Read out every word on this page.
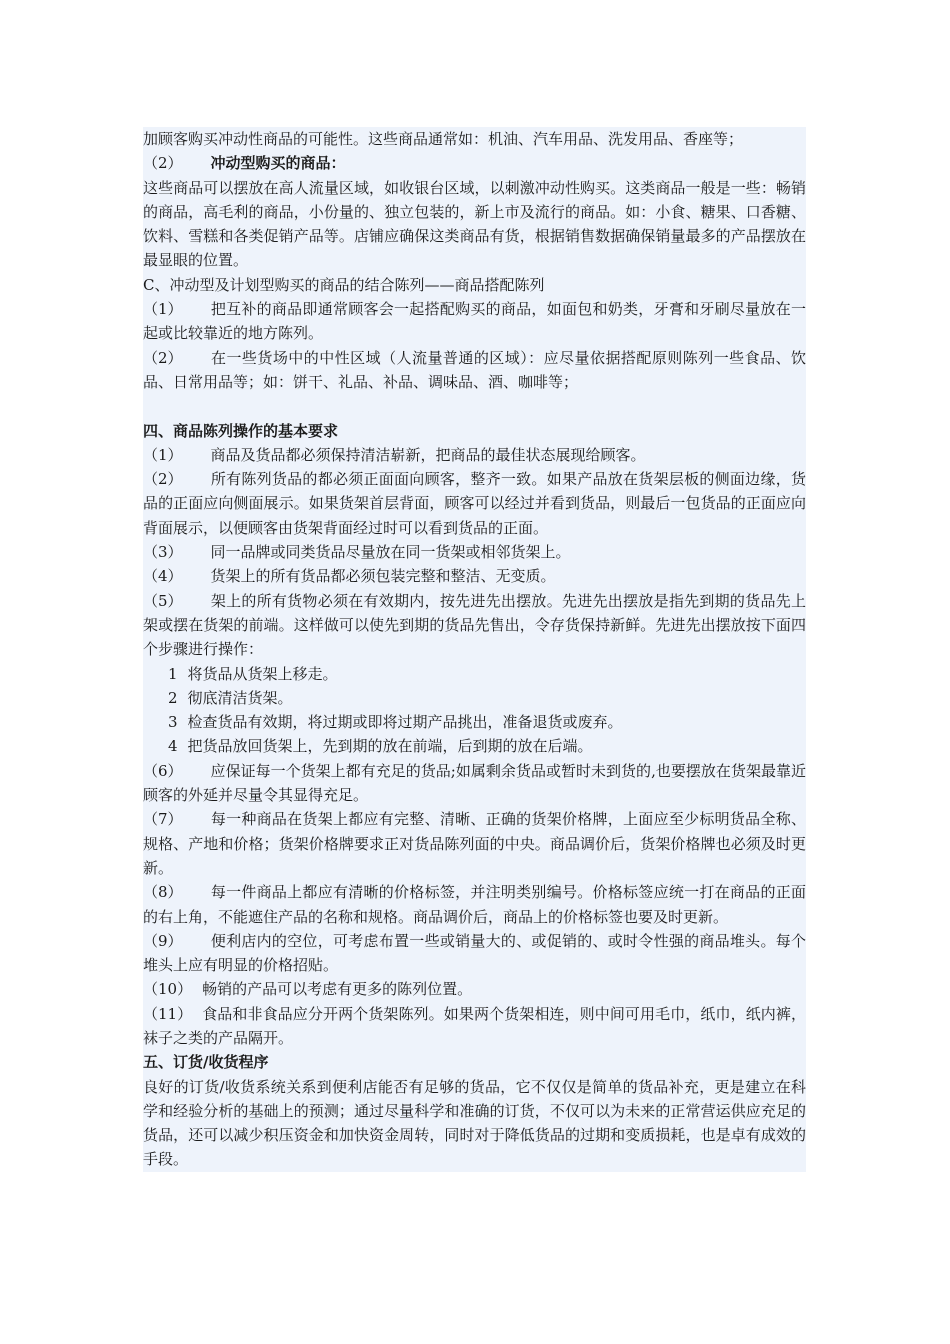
加顾客购买冲动性商品的可能性。这些商品通常如：机油、汽车用品、洗发用品、香座等；
（2） 冲动型购买的商品：
这些商品可以摆放在高人流量区域，如收银台区域，以刺激冲动性购买。这类商品一般是一些：畅销的商品，高毛利的商品，小份量的、独立包装的，新上市及流行的商品。如：小食、糖果、口香糖、饮料、雪糕和各类促销产品等。店铺应确保这类商品有货，根据销售数据确保销量最多的产品摆放在最显眼的位置。
C、冲动型及计划型购买的商品的结合陈列——商品搭配陈列
（1） 把互补的商品即通常顾客会一起搭配购买的商品，如面包和奶类，牙膏和牙刷尽量放在一起或比较靠近的地方陈列。
（2） 在一些货场中的中性区域（人流量普通的区域）：应尽量依据搭配原则陈列一些食品、饮品、日常用品等；如：饼干、礼品、补品、调味品、酒、咖啡等；
四、商品陈列操作的基本要求
（1） 商品及货品都必须保持清洁崭新，把商品的最佳状态展现给顾客。
（2） 所有陈列货品的都必须正面面向顾客，整齐一致。如果产品放在货架层板的侧面边缘，货品的正面应向侧面展示。如果货架首层背面，顾客可以经过并看到货品，则最后一包货品的正面应向背面展示，以便顾客由货架背面经过时可以看到货品的正面。
（3） 同一品牌或同类货品尽量放在同一货架或相邻货架上。
（4） 货架上的所有货品都必须包装完整和整洁、无变质。
（5） 架上的所有货物必须在有效期内，按先进先出摆放。先进先出摆放是指先到期的货品先上架或摆在货架的前端。这样做可以使先到期的货品先售出，令存货保持新鲜。先进先出摆放按下面四个步骤进行操作：
1 将货品从货架上移走。
2 彻底清洁货架。
3 检查货品有效期，将过期或即将过期产品挑出，准备退货或废弃。
4 把货品放回货架上，先到期的放在前端，后到期的放在后端。
（6） 应保证每一个货架上都有充足的货品;如属剩余货品或暂时未到货的,也要摆放在货架最靠近顾客的外延并尽量令其显得充足。
（7） 每一种商品在货架上都应有完整、清晰、正确的货架价格牌，上面应至少标明货品全称、规格、产地和价格；货架价格牌要求正对货品陈列面的中央。商品调价后，货架价格牌也必须及时更新。
（8） 每一件商品上都应有清晰的价格标签，并注明类别编号。价格标签应统一打在商品的正面的右上角，不能遮住产品的名称和规格。商品调价后，商品上的价格标签也要及时更新。
（9） 便利店内的空位，可考虑布置一些或销量大的、或促销的、或时令性强的商品堆头。每个堆头上应有明显的价格招贴。
（10） 畅销的产品可以考虑有更多的陈列位置。
（11） 食品和非食品应分开两个货架陈列。如果两个货架相连，则中间可用毛巾，纸巾，纸内裤，袜子之类的产品隔开。
五、订货/收货程序
良好的订货/收货系统关系到便利店能否有足够的货品，它不仅仅是简单的货品补充，更是建立在科学和经验分析的基础上的预测；通过尽量科学和准确的订货，不仅可以为未来的正常营运供应充足的货品，还可以减少积压资金和加快资金周转，同时对于降低货品的过期和变质损耗，也是卓有成效的手段。
